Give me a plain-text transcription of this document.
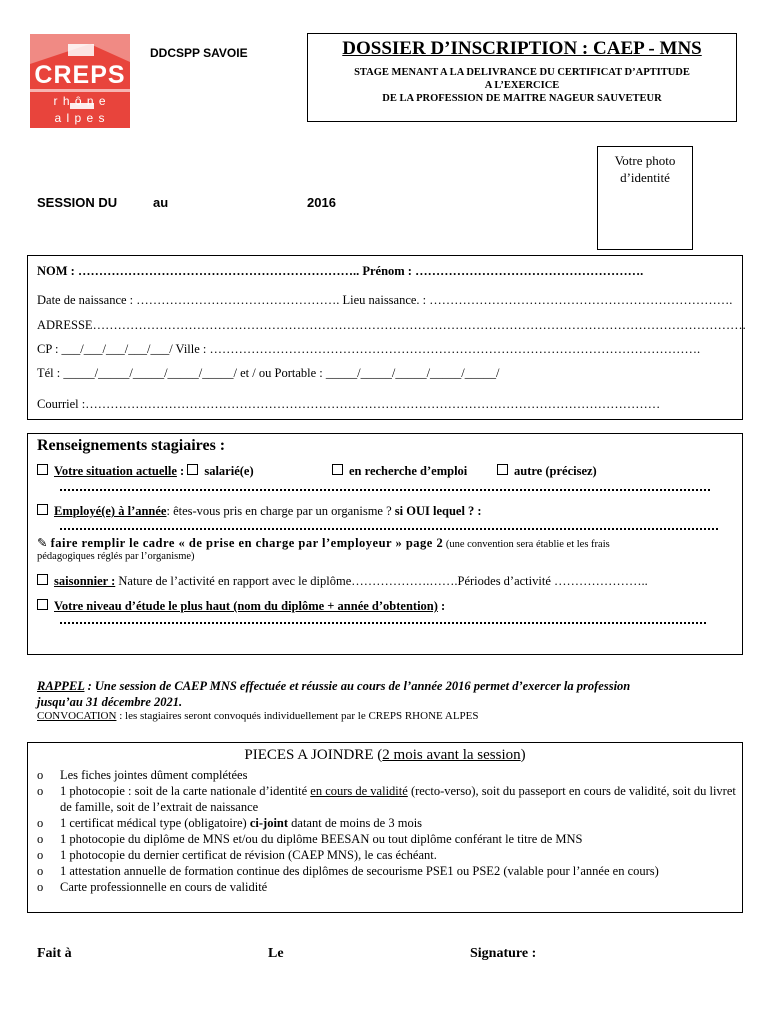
CREPS
r h ô n e
a l p e s
DDCSPP SAVOIE	DOSSIER D’INSCRIPTION : CAEP - MNS
STAGE MENANT A LA DELIVRANCE DU CERTIFICAT D’APTITUDE
A L’EXERCICE
DE LA PROFESSION DE MAITRE NAGEUR SAUVETEUR
Votre photo
d’identité
SESSION DU	au	2016
NOM : ………………………………………………………….. Prénom : ……………………………………………….
Date de naissance : …………………………………………. Lieu naissance. : ……………………………………………………………….
ADRESSE………………………………………………………………………………………………………………………………………….
CP : ___/___/___/___/___/ Ville : ……………………………………………………………………………………………………….
Tél : _____/_____/_____/_____/_____/ et / ou Portable : _____/_____/_____/_____/_____/
Courriel :…………………………………………………………………………………………………………………………
Renseignements stagiaires :
Votre situation actuelle : salarié(e)	en recherche d’emploi	autre (précisez)
Employé(e) à l’année: êtes-vous pris en charge par un organisme ? si OUI lequel ? :
✎ faire remplir le cadre « de prise en charge par l’employeur » page 2 (une convention sera établie et les frais
pédagogiques réglés par l’organisme)
saisonnier : Nature de l’activité en rapport avec le diplôme……………….…….Périodes d’activité …………………..
Votre niveau d’étude le plus haut (nom du diplôme + année d’obtention) :
RAPPEL : Une session de CAEP MNS effectuée et réussie au cours de l’année 2016 permet d’exercer la profession
jusqu’au 31 décembre 2021.
CONVOCATION : les stagiaires seront convoqués individuellement par le CREPS RHONE ALPES
PIECES A JOINDRE (2 mois avant la session)
o Les fiches jointes dûment complétées
o 1 photocopie : soit de la carte nationale d’identité en cours de validité (recto-verso), soit du passeport en cours de validité, soit du livret de famille, soit de l’extrait de naissance
o 1 certificat médical type (obligatoire) ci-joint datant de moins de 3 mois
o 1 photocopie du diplôme de MNS et/ou du diplôme BEESAN ou tout diplôme conférant le titre de MNS
o 1 photocopie du dernier certificat de révision (CAEP MNS), le cas échéant.
o 1 attestation annuelle de formation continue des diplômes de secourisme PSE1 ou PSE2 (valable pour l’année en cours)
o Carte professionnelle en cours de validité
Fait à	Le	Signature :
